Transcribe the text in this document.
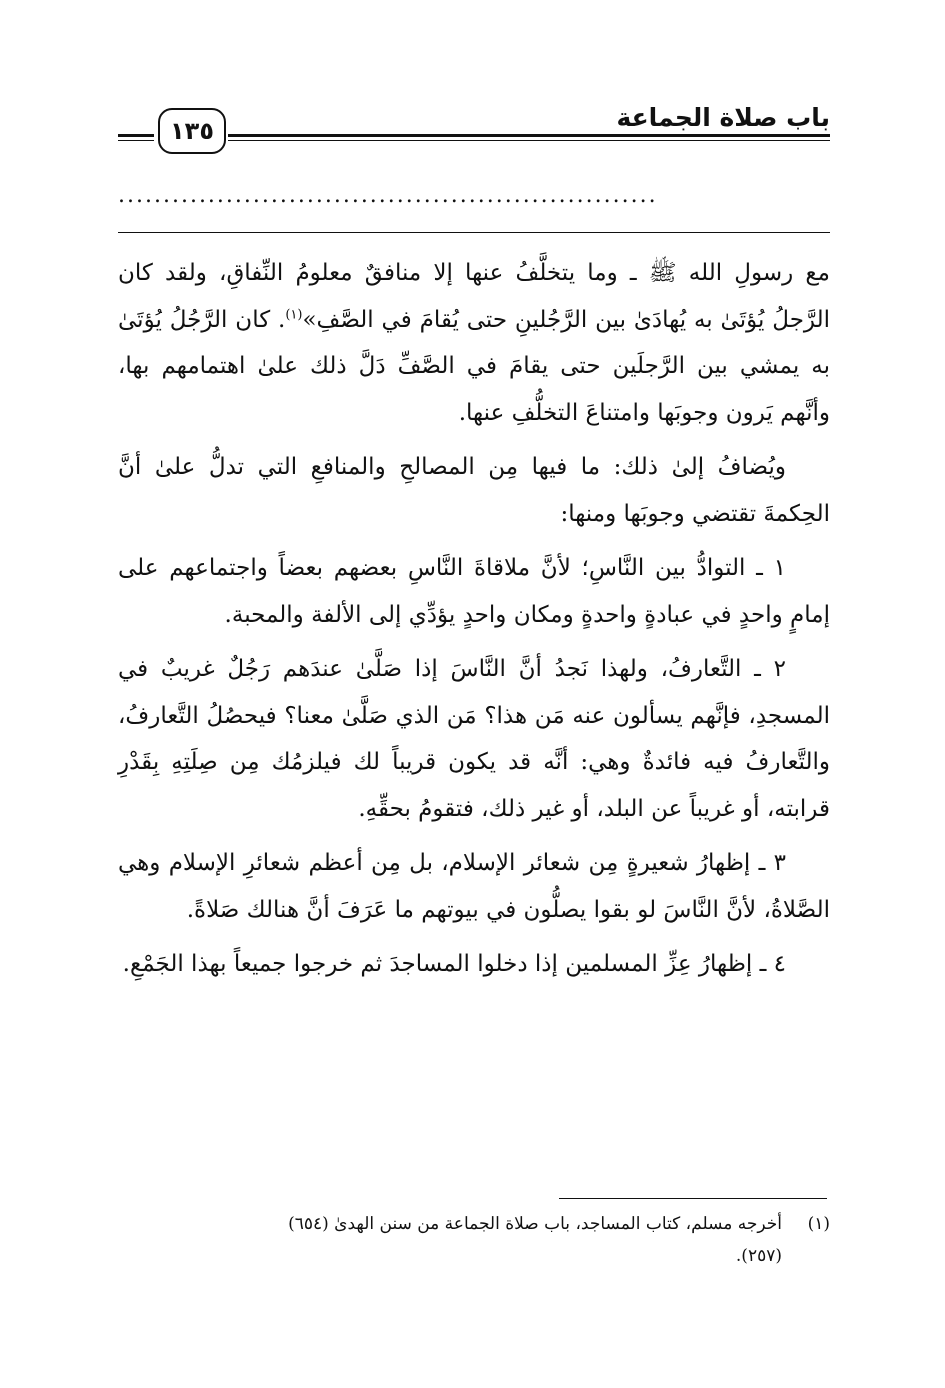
باب صلاة الجماعة
١٣٥
............................................................

مع رسولِ الله ﷺ ـ وما يتخلَّفُ عنها إلا منافقٌ معلومُ النِّفاقِ، ولقد كان الرَّجلُ يُؤتَىٰ به يُهادَىٰ بين الرَّجُلينِ حتى يُقامَ في الصَّفِ»$^{(١)}$. كان الرَّجُلُ يُؤتَىٰ به يمشي بين الرَّجلَين حتى يقامَ في الصَّفِّ دَلَّ ذلك علىٰ اهتمامهم بها، وأنَّهم يَرون وجوبَها وامتناعَ التخلُّفِ عنها.

ويُضافُ إلىٰ ذلك: ما فيها مِن المصالحِ والمنافعِ التي تدلُّ علىٰ أنَّ الحِكمةَ تقتضي وجوبَها ومنها:

١ ـ التوادُّ بين النَّاسِ؛ لأنَّ ملاقاةَ النَّاسِ بعضهم بعضاً واجتماعهم على إمامٍ واحدٍ في عبادةٍ واحدةٍ ومكان واحدٍ يؤدِّي إلى الألفة والمحبة.

٢ ـ التَّعارفُ، ولهذا نَجدُ أنَّ النَّاسَ إذا صَلَّىٰ عندَهم رَجُلٌ غريبٌ في المسجدِ، فإنَّهم يسألون عنه مَن هذا؟ مَن الذي صَلَّىٰ معنا؟ فيحصُلُ التَّعارفُ، والتَّعارفُ فيه فائدةٌ وهي: أنَّه قد يكون قريباً لك فيلزمُك مِن صِلَتِهِ بِقَدْرِ قرابته، أو غريباً عن البلد، أو غير ذلك، فتقومُ بحقِّهِ.

٣ ـ إظهارُ شعيرةٍ مِن شعائر الإسلام، بل مِن أعظم شعائرِ الإسلام وهي الصَّلاةُ، لأنَّ النَّاسَ لو بقوا يصلُّون في بيوتهم ما عَرَفَ أنَّ هنالك صَلاةً.

٤ ـ إظهارُ عِزِّ المسلمين إذا دخلوا المساجدَ ثم خرجوا جميعاً بهذا الجَمْعِ.

(١)أخرجه مسلم، كتاب المساجد، باب صلاة الجماعة من سنن الهدىٰ (٦٥٤)
(٢٥٧).
